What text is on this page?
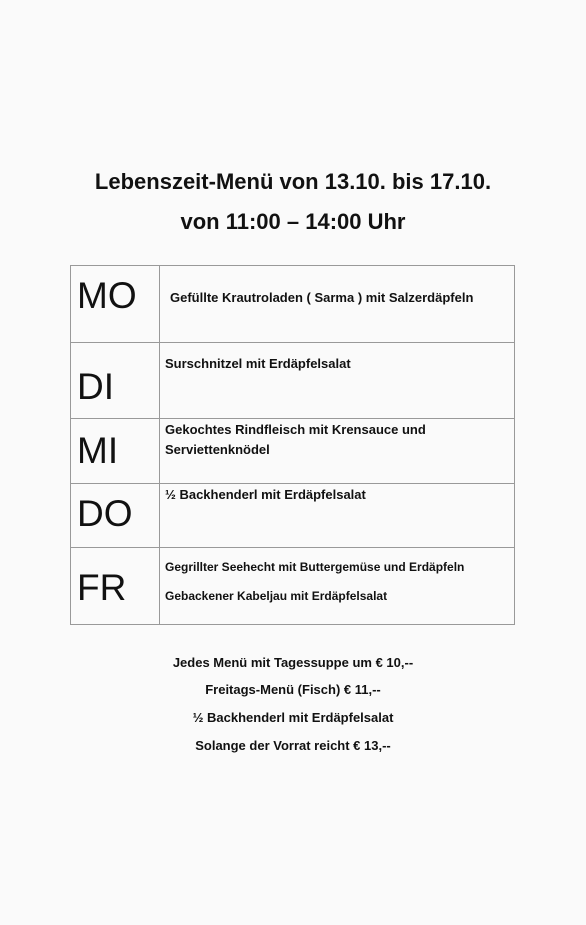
Lebenszeit-Menü von 13.10. bis 17.10.
von 11:00 – 14:00 Uhr
MO	Gefüllte Krautroladen ( Sarma ) mit Salzerdäpfeln

DI	Surschnitzel mit Erdäpfelsalat

MI	Gekochtes Rindfleisch mit Krensauce und
Serviettenknödel

DO	½ Backhenderl mit Erdäpfelsalat

FR	Gegrillter Seehecht mit Buttergemüse und Erdäpfeln
Gebackener Kabeljau mit Erdäpfelsalat
Jedes Menü mit Tagessuppe um € 10,--
Freitags-Menü (Fisch) € 11,--
½ Backhenderl mit Erdäpfelsalat
Solange der Vorrat reicht € 13,--
